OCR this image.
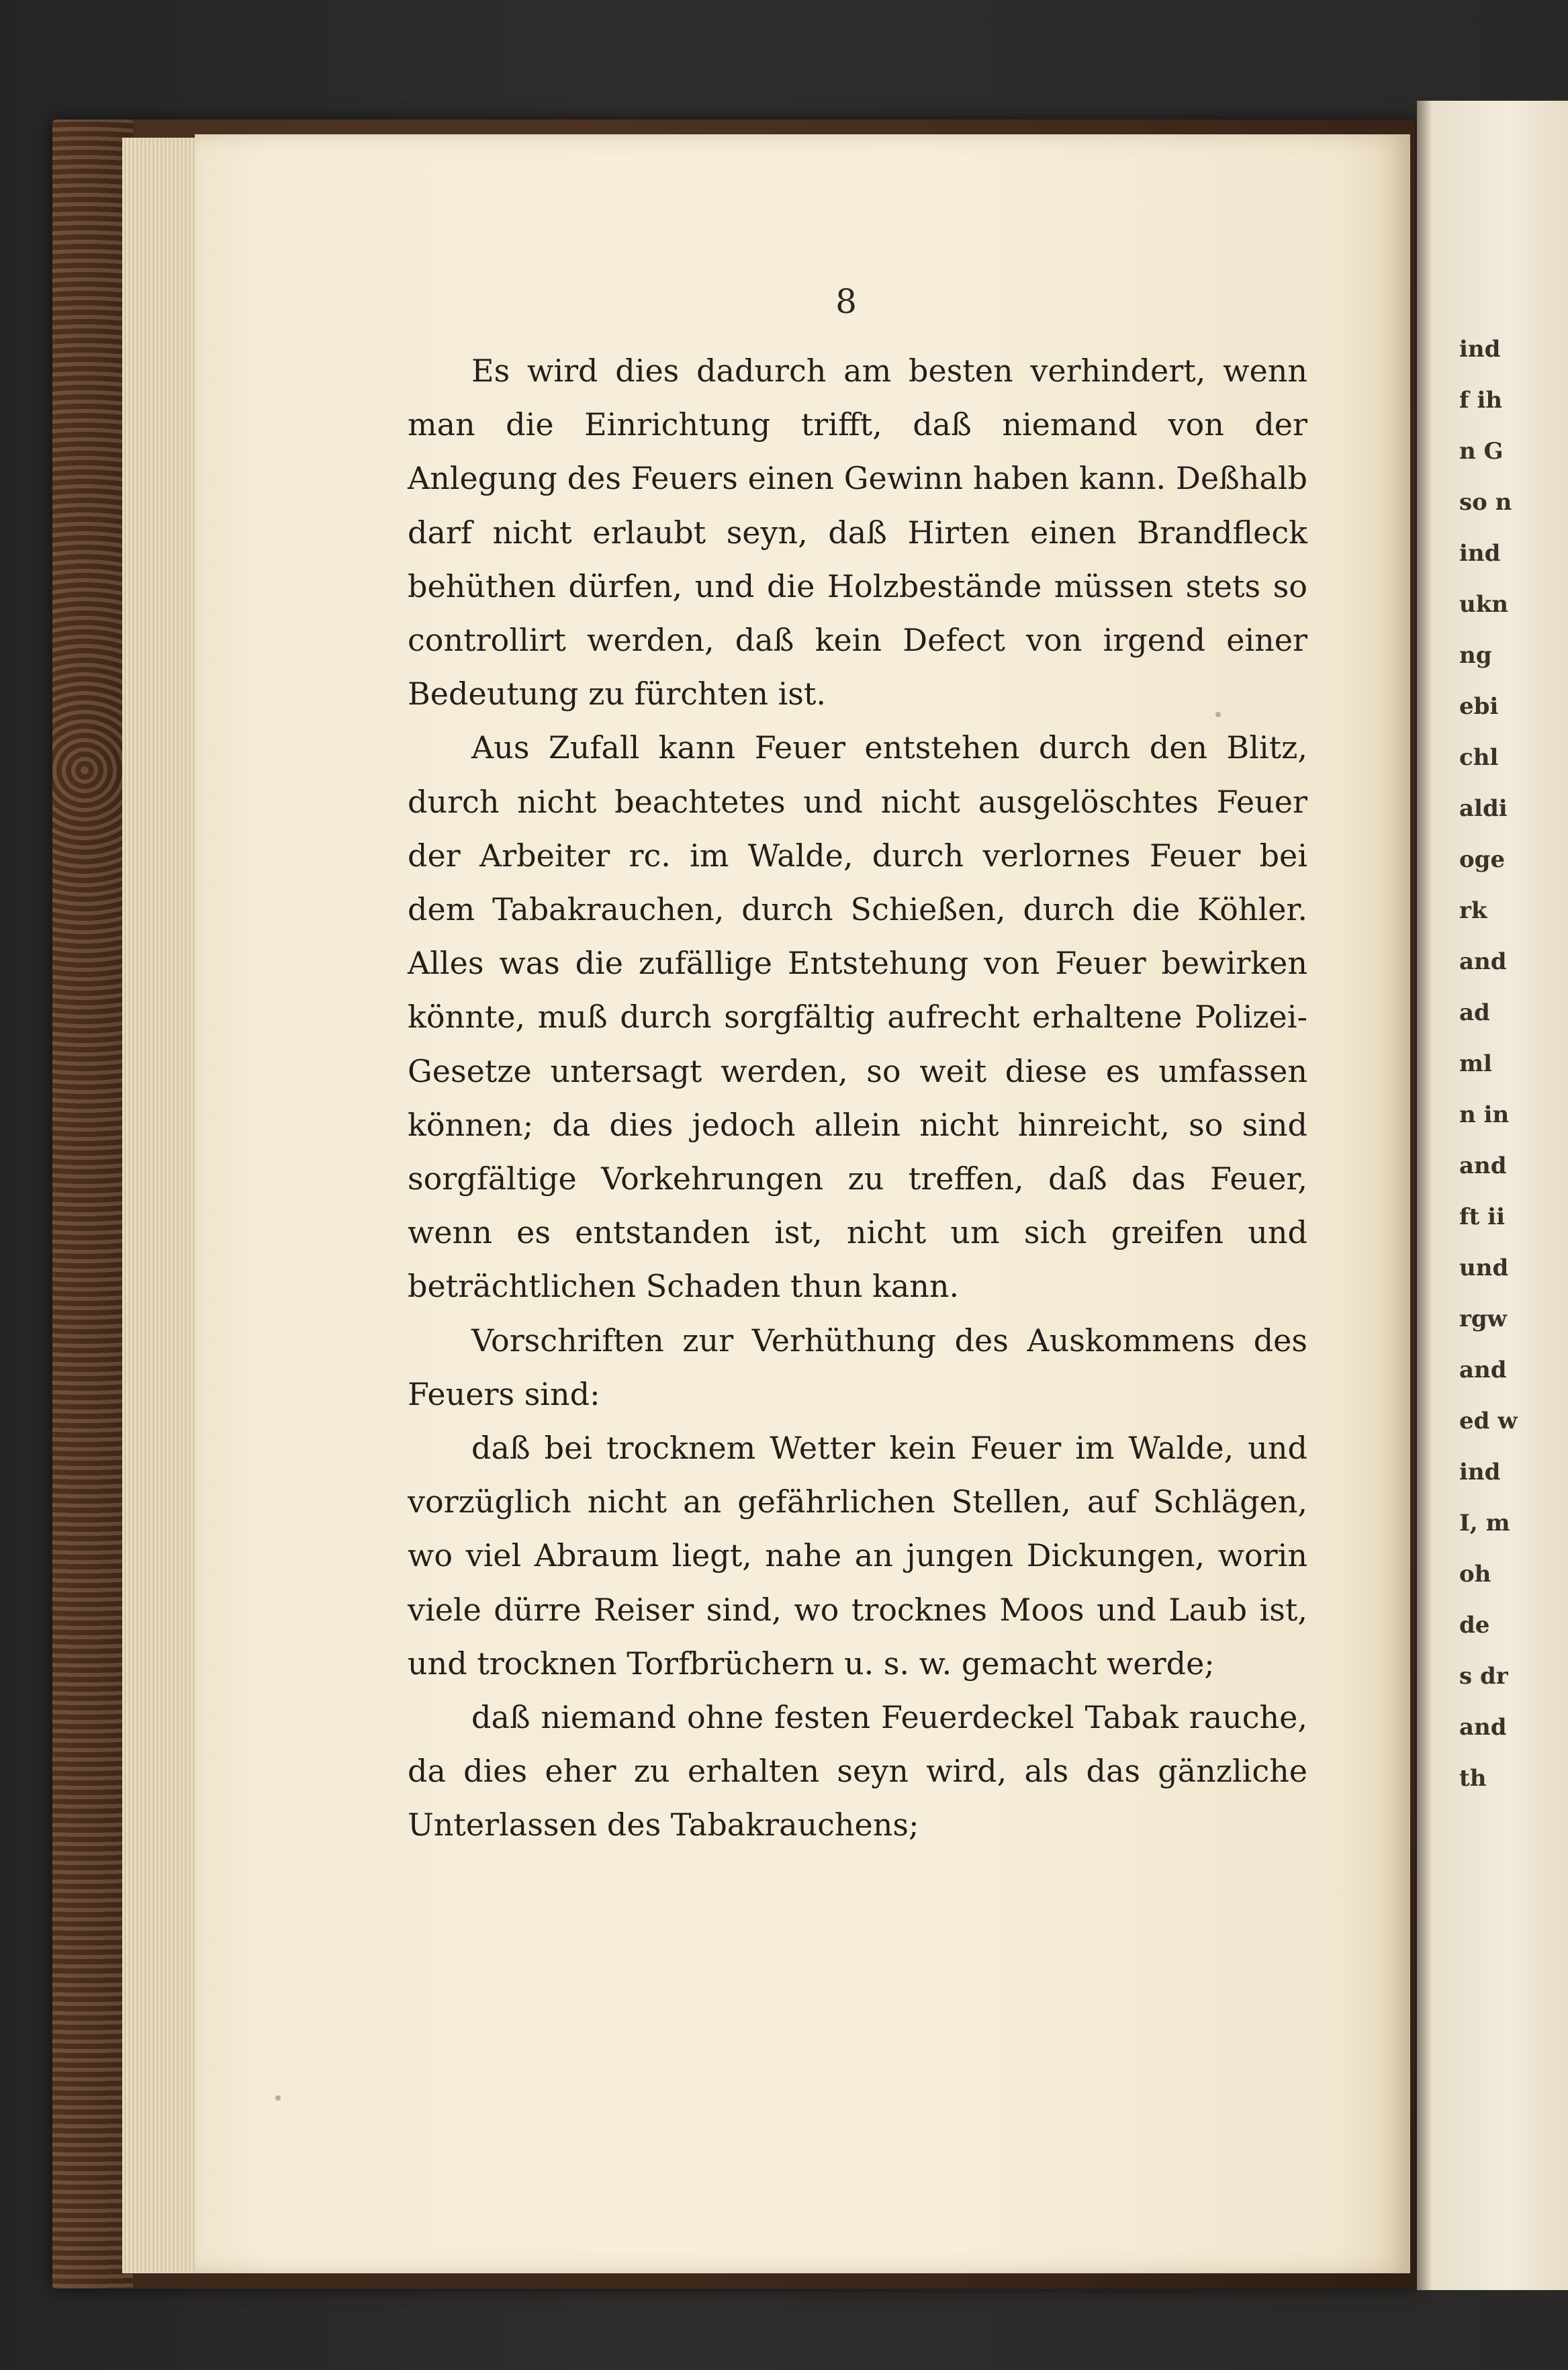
ind
f ih
n G
so n
ind
ukn
ng
ebi
chl
aldi
oge
rk
and
ad
ml
n in
and
ft ii
und
rgw
and
ed w
ind
I, m
oh
de
s dr
and
th
8

Es wird dies dadurch am besten verhindert, wenn man die Einrichtung trifft, daß niemand von der Anlegung des Feuers einen Gewinn haben kann. Deßhalb darf nicht erlaubt seyn, daß Hirten einen Brandfleck behüthen dürfen, und die Holzbestände müssen stets so controllirt werden, daß kein Defect von irgend einer Bedeutung zu fürchten ist.

Aus Zufall kann Feuer entstehen durch den Blitz, durch nicht beachtetes und nicht ausgelöschtes Feuer der Arbeiter rc. im Walde, durch verlornes Feuer bei dem Tabakrauchen, durch Schießen, durch die Köhler. Alles was die zufällige Entstehung von Feuer bewirken könnte, muß durch sorgfältig aufrecht erhaltene Polizei-Gesetze untersagt werden, so weit diese es umfassen können; da dies jedoch allein nicht hinreicht, so sind sorgfältige Vorkehrungen zu treffen, daß das Feuer, wenn es entstanden ist, nicht um sich greifen und beträchtlichen Schaden thun kann.

Vorschriften zur Verhüthung des Auskommens des Feuers sind:

daß bei trocknem Wetter kein Feuer im Walde, und vorzüglich nicht an gefährlichen Stellen, auf Schlägen, wo viel Abraum liegt, nahe an jungen Dickungen, worin viele dürre Reiser sind, wo trocknes Moos und Laub ist, und trocknen Torfbrüchern u. s. w. gemacht werde;

daß niemand ohne festen Feuerdeckel Tabak rauche, da dies eher zu erhalten seyn wird, als das gänzliche Unterlassen des Tabakrauchens;
